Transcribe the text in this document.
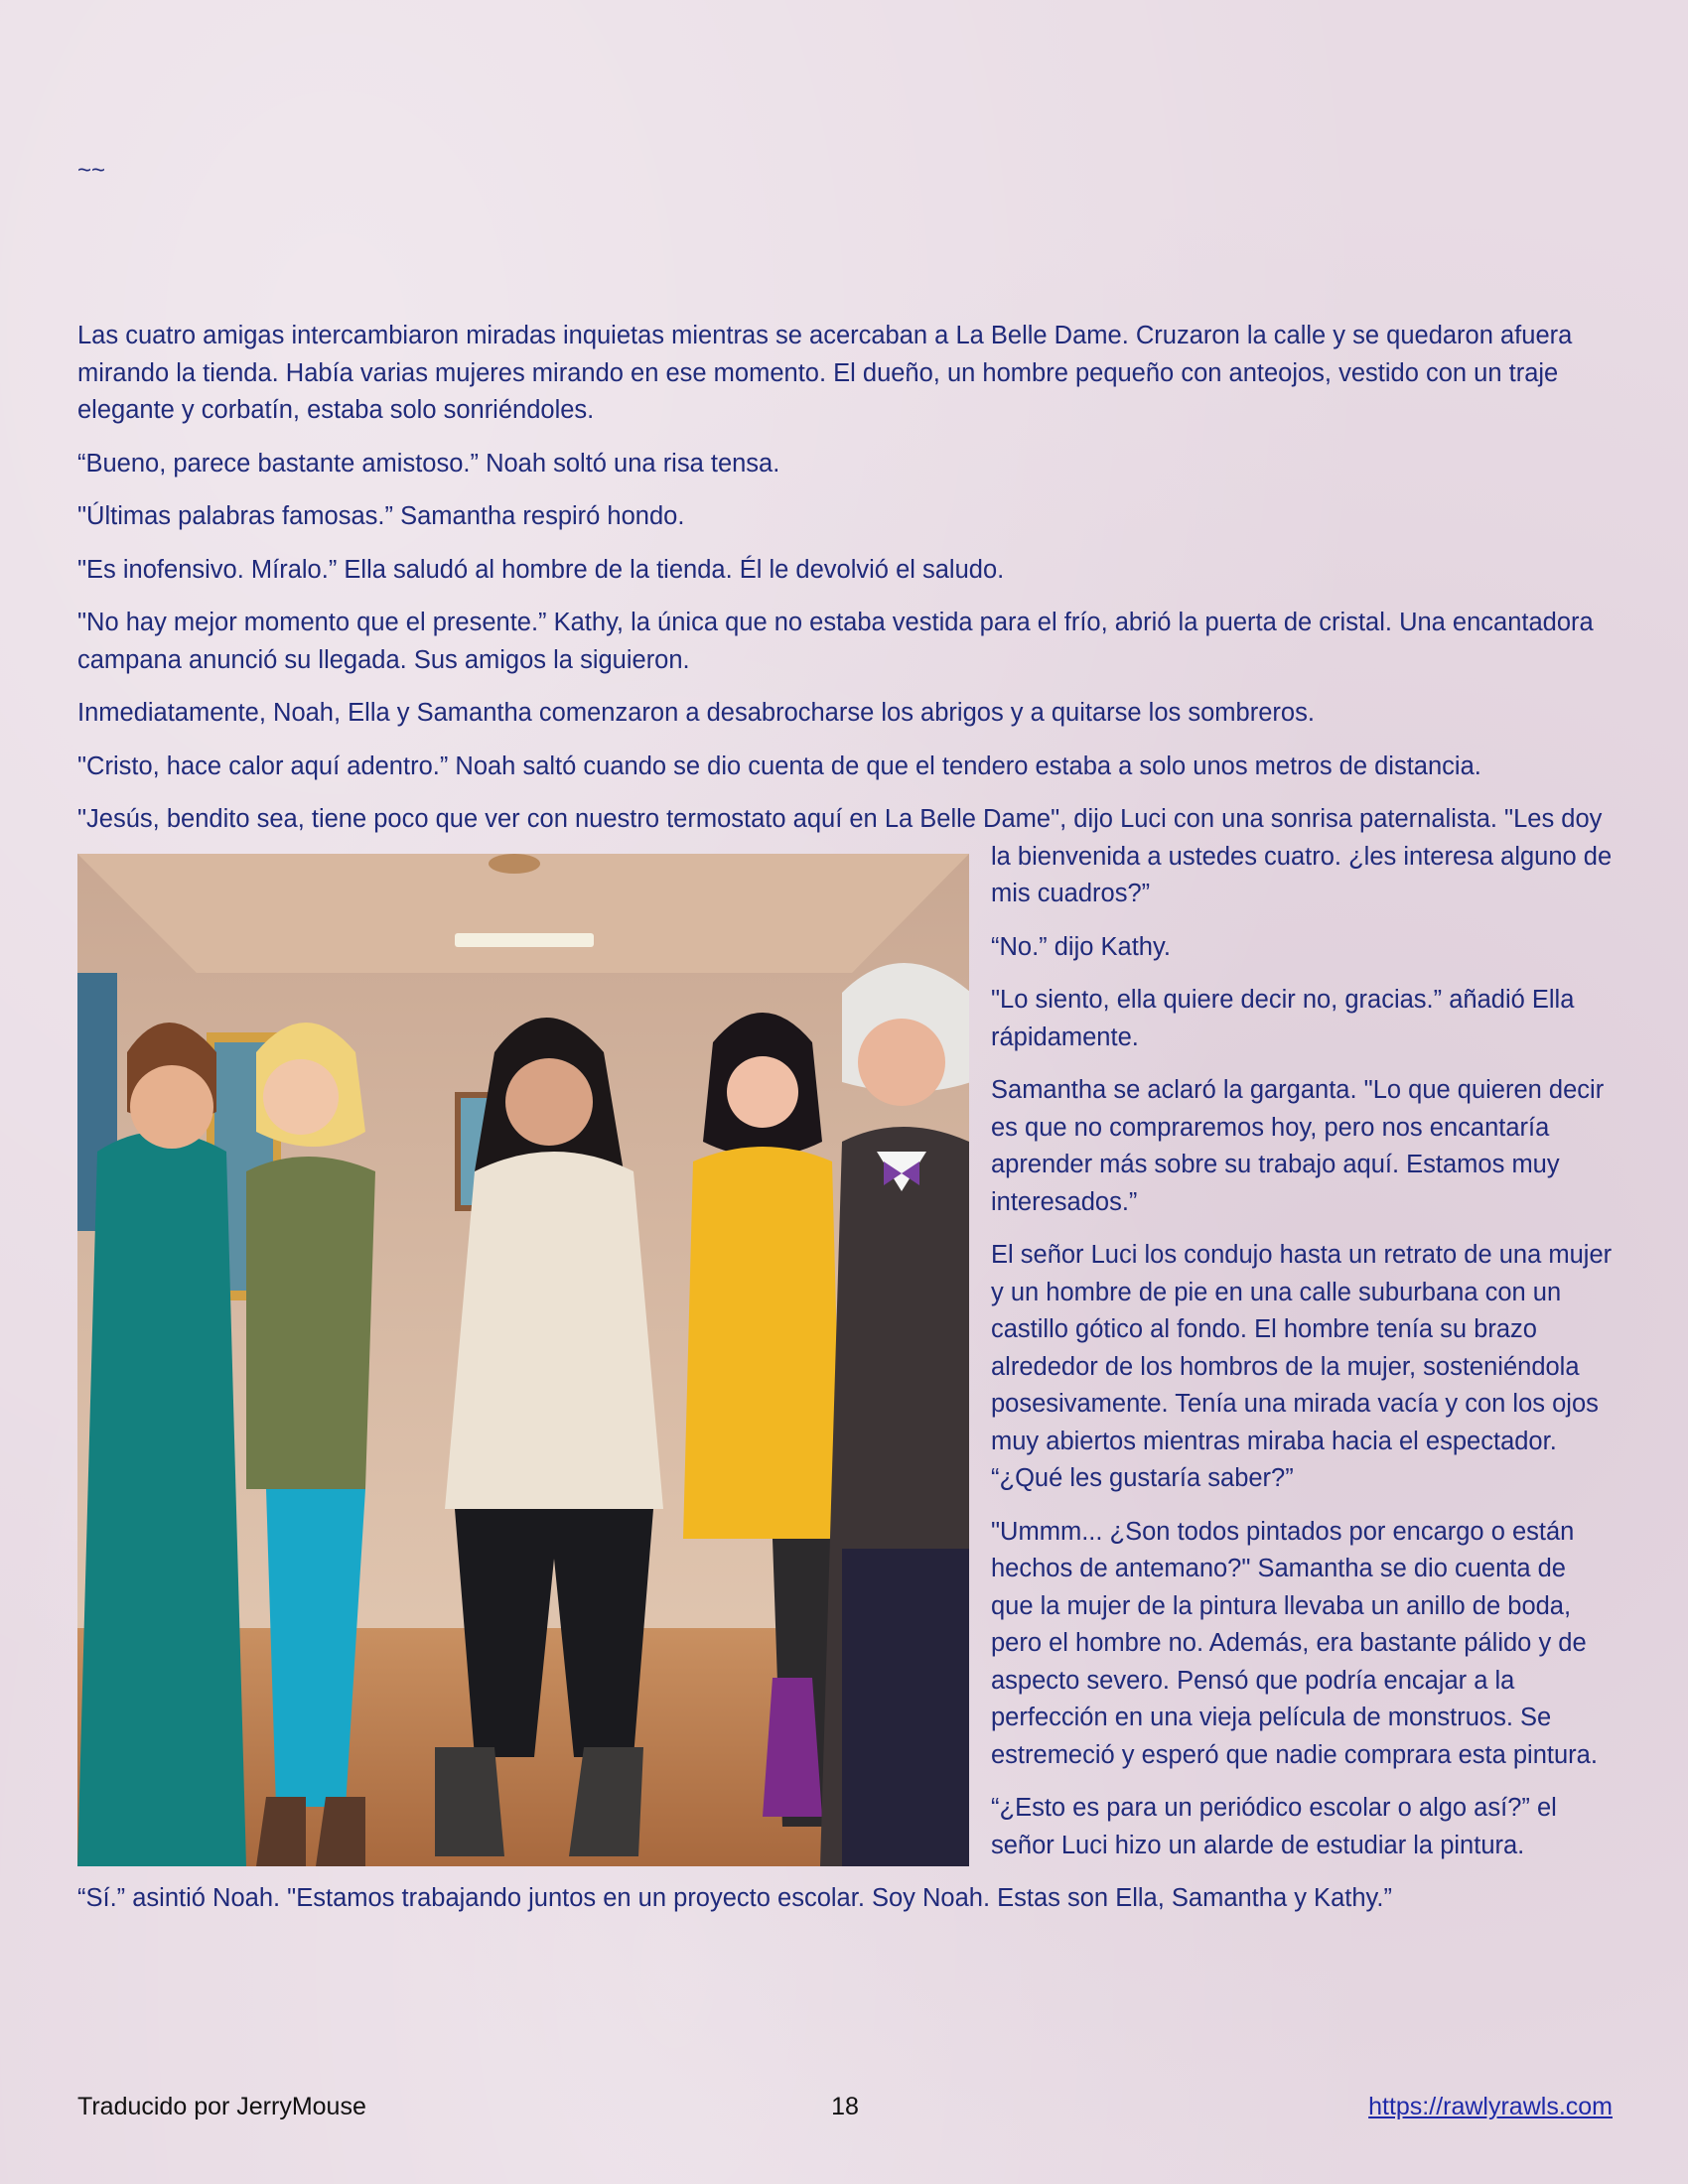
~~

Las cuatro amigas intercambiaron miradas inquietas mientras se acercaban a La Belle Dame. Cruzaron la calle y se quedaron afuera mirando la tienda. Había varias mujeres mirando en ese momento. El dueño, un hombre pequeño con anteojos, vestido con un traje elegante y corbatín, estaba solo sonriéndoles.

“Bueno, parece bastante amistoso.” Noah soltó una risa tensa.

"Últimas palabras famosas.” Samantha respiró hondo.

"Es inofensivo. Míralo.” Ella saludó al hombre de la tienda. Él le devolvió el saludo.

"No hay mejor momento que el presente.” Kathy, la única que no estaba vestida para el frío, abrió la puerta de cristal. Una encantadora campana anunció su llegada. Sus amigos la siguieron.

Inmediatamente, Noah, Ella y Samantha comenzaron a desabrocharse los abrigos y a quitarse los sombreros.

"Cristo, hace calor aquí adentro.” Noah saltó cuando se dio cuenta de que el tendero estaba a solo unos metros de distancia.

"Jesús, bendito sea, tiene poco que ver con nuestro termostato aquí en La Belle Dame", dijo Luci con una sonrisa paternalista. "Les doy la bienvenida a ustedes cuatro. ¿les interesa alguno de mis cuadros?”

“No.” dijo Kathy.

"Lo siento, ella quiere decir no, gracias.” añadió Ella rápidamente.

Samantha se aclaró la garganta. "Lo que quieren decir es que no compraremos hoy, pero nos encantaría aprender más sobre su trabajo aquí. Estamos muy interesados.”

El señor Luci los condujo hasta un retrato de una mujer y un hombre de pie en una calle suburbana con un castillo gótico al fondo. El hombre tenía su brazo alrededor de los hombros de la mujer, sosteniéndola posesivamente. Tenía una mirada vacía y con los ojos muy abiertos mientras miraba hacia el espectador. “¿Qué les gustaría saber?”

"Ummm... ¿Son todos pintados por encargo o están hechos de antemano?" Samantha se dio cuenta de que la mujer de la pintura llevaba un anillo de boda, pero el hombre no. Además, era bastante pálido y de aspecto severo. Pensó que podría encajar a la perfección en una vieja película de monstruos. Se estremeció y esperó que nadie comprara esta pintura.

“¿Esto es para un periódico escolar o algo así?” el señor Luci hizo un alarde de estudiar la pintura.

“Sí.” asintió Noah. "Estamos trabajando juntos en un proyecto escolar. Soy Noah. Estas son Ella, Samantha y Kathy.”

Traducido por JerryMouse	18	https://rawlyrawls.com
